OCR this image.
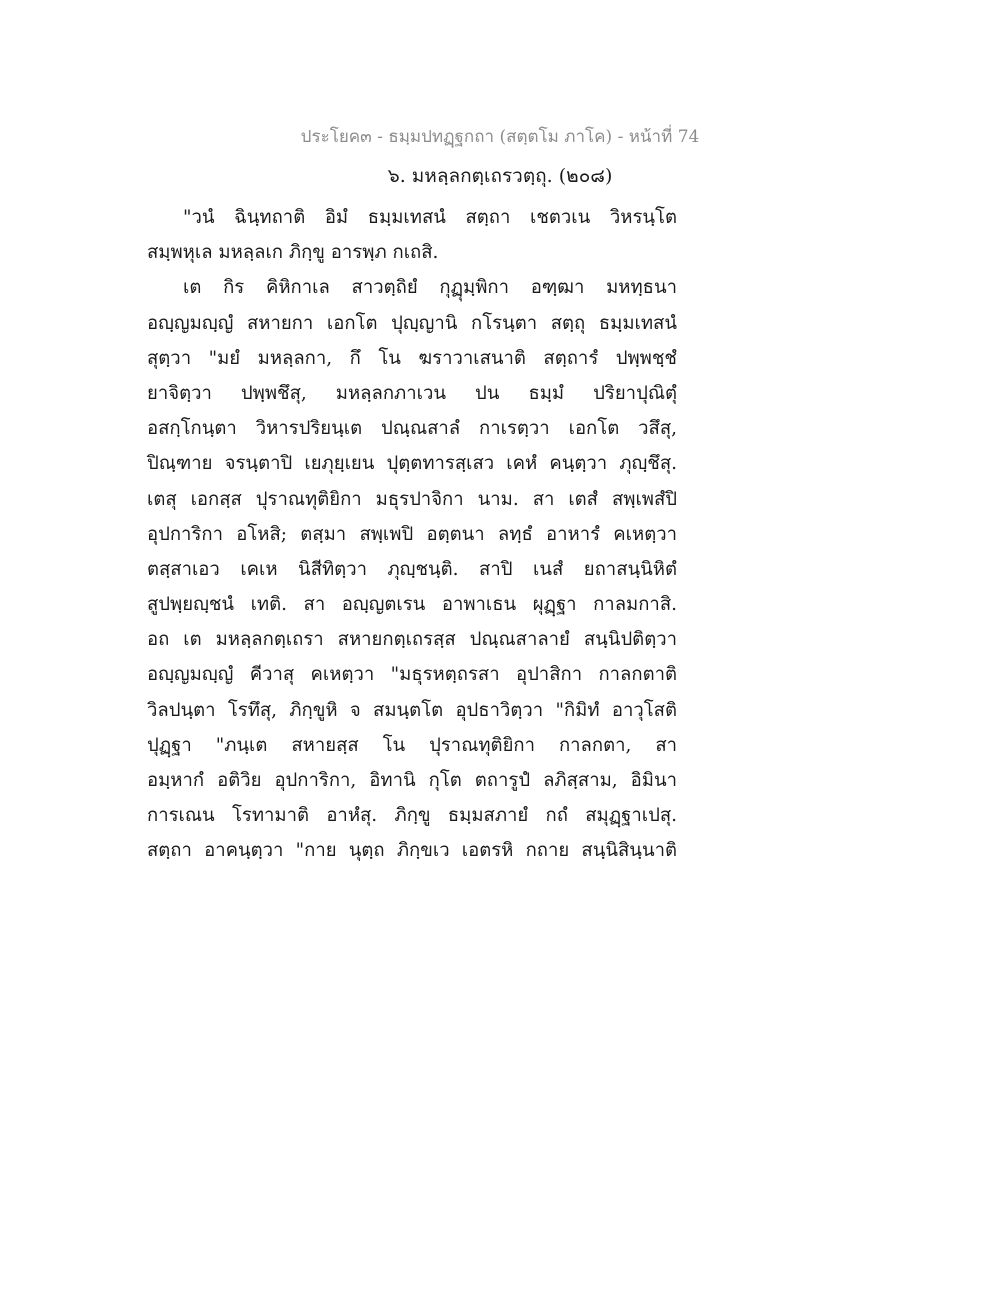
ประโยค๓ - ธมฺมปทฏฺฐกถา (สตฺตโม ภาโค) - หน้าที่ 74
๖. มหลฺลกตฺเถรวตฺถุ. (๒๐๘)
"วนํ ฉินฺทถาติ อิมํ ธมฺมเทสนํ สตฺถา เชตวเน วิหรนฺโต
สมฺพหุเล มหลฺลเก ภิกฺขู อารพฺภ กเถสิ.
เต กิร คิหิกาเล สาวตฺถิยํ กุฏุมฺพิกา อฑฺฒา มหทฺธนา
อญฺญมญฺญํ สหายกา เอกโต ปุญฺญานิ กโรนฺตา สตฺถุ ธมฺมเทสนํ
สุตฺวา "มยํ มหลฺลกา, กึ โน ฆราวาเสนาติ สตฺถารํ ปพฺพชฺชํ
ยาจิตฺวา ปพฺพชึสุ, มหลฺลกภาเวน ปน ธมฺมํ ปริยาปุณิตุํ
อสกฺโกนฺตา วิหารปริยนฺเต ปณฺณสาลํ กาเรตฺวา เอกโต วสึสุ,
ปิณฺฑาย จรนฺตาปิ เยภุยฺเยน ปุตฺตทารสฺเสว เคหํ คนฺตฺวา ภุญฺชึสุ.
เตสุ เอกสฺส ปุราณทุติยิกา มธุรปาจิกา นาม. สา เตสํ สพฺเพสํปิ
อุปการิกา อโหสิ; ตสฺมา สพฺเพปิ อตฺตนา ลทฺธํ อาหารํ คเหตฺวา
ตสฺสาเอว เคเห นิสีทิตฺวา ภุญฺชนฺติ. สาปิ เนสํ ยถาสนฺนิหิตํ
สูปพฺยญฺชนํ เทติ. สา อญฺญตเรน อาพาเธน ผุฏฺฐา กาลมกาสิ.
อถ เต มหลฺลกตฺเถรา สหายกตฺเถรสฺส ปณฺณสาลายํ สนฺนิปติตฺวา
อญฺญมญฺญํ คีวาสุ คเหตฺวา "มธุรหตฺถรสา อุปาสิกา กาลกตาติ
วิลปนฺตา โรทึสุ, ภิกฺขูหิ จ สมนฺตโต อุปธาวิตฺวา "กิมิทํ อาวุโสติ
ปุฏฺฐา "ภนฺเต สหายสฺส โน ปุราณทุติยิกา กาลกตา, สา
อมฺหากํ อติวิย อุปการิกา, อิทานิ กุโต ตถารูปํ ลภิสฺสาม, อิมินา
การเณน โรทามาติ อาหํสุ. ภิกฺขู ธมฺมสภายํ กถํ สมุฏฺฐาเปสุ.
สตฺถา อาคนฺตฺวา "กาย นุตฺถ ภิกฺขเว เอตรหิ กถาย สนฺนิสินฺนาติ
